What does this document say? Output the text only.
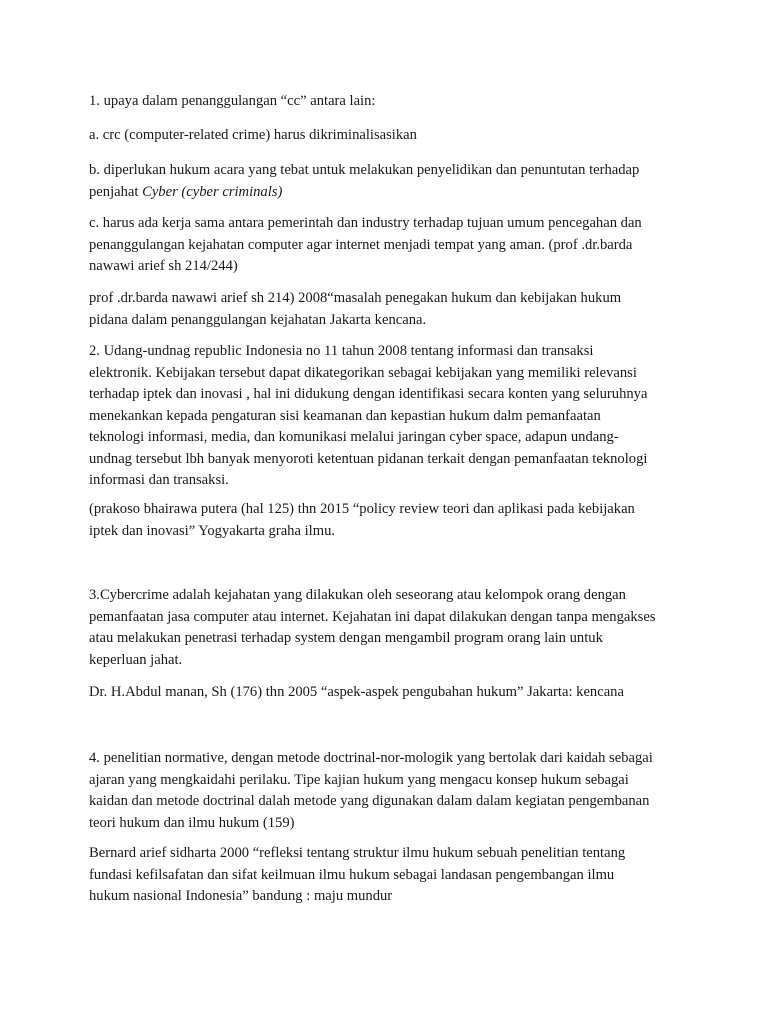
1. upaya dalam penanggulangan “cc” antara lain:

a. crc (computer-related crime) harus dikriminalisasikan

b. diperlukan hukum acara yang tebat untuk melakukan penyelidikan dan penuntutan terhadap
penjahat Cyber (cyber criminals)

c. harus ada kerja sama antara pemerintah dan industry terhadap tujuan umum pencegahan dan
penanggulangan kejahatan computer agar internet menjadi tempat yang aman. (prof .dr.barda
nawawi arief sh 214/244)

prof .dr.barda nawawi arief sh 214) 2008“masalah penegakan hukum dan kebijakan hukum
pidana dalam penanggulangan kejahatan Jakarta kencana.

2. Udang-undnag republic Indonesia no 11 tahun 2008 tentang informasi dan transaksi
elektronik. Kebijakan tersebut dapat dikategorikan sebagai kebijakan yang memiliki relevansi
terhadap iptek dan inovasi , hal ini didukung dengan identifikasi secara konten yang seluruhnya
menekankan kepada pengaturan sisi keamanan dan kepastian hukum dalm pemanfaatan
teknologi informasi, media, dan komunikasi melalui jaringan cyber space, adapun undang-
undnag tersebut lbh banyak menyoroti ketentuan pidanan terkait dengan pemanfaatan teknologi
informasi dan transaksi.

(prakoso bhairawa putera (hal 125) thn 2015 “policy review teori dan aplikasi pada kebijakan
iptek dan inovasi” Yogyakarta graha ilmu.

3.Cybercrime adalah kejahatan yang dilakukan oleh seseorang atau kelompok orang dengan
pemanfaatan jasa computer atau internet. Kejahatan ini dapat dilakukan dengan tanpa mengakses
atau melakukan penetrasi terhadap system dengan mengambil program orang lain untuk
keperluan jahat.

Dr. H.Abdul manan, Sh (176) thn 2005 “aspek-aspek pengubahan hukum” Jakarta: kencana

4. penelitian normative, dengan metode doctrinal-nor-mologik yang bertolak dari kaidah sebagai
ajaran yang mengkaidahi perilaku. Tipe kajian hukum yang mengacu konsep hukum sebagai
kaidan dan metode doctrinal dalah metode yang digunakan dalam dalam kegiatan pengembanan
teori hukum dan ilmu hukum (159)

Bernard arief sidharta 2000 “refleksi tentang struktur ilmu hukum sebuah penelitian tentang
fundasi kefilsafatan dan sifat keilmuan ilmu hukum sebagai landasan pengembangan ilmu
hukum nasional Indonesia” bandung : maju mundur
